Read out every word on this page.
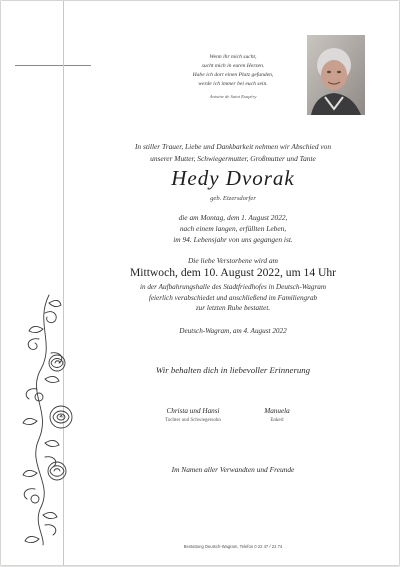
Wenn ihr mich sucht,
sucht mich in euren Herzen.
Habe ich dort einen Platz gefunden,
werde ich immer bei euch sein.
Antoine de Saint Exupéry
In stiller Trauer, Liebe und Dankbarkeit nehmen wir Abschied von
unserer Mutter, Schwiegermutter, Großmutter und Tante
Hedy Dvorak
geb. Etzersdorfer
die am Montag, dem 1. August 2022,
nach einem langen, erfüllten Leben,
im 94. Lebensjahr von uns gegangen ist.
Die liebe Verstorbene wird am
Mittwoch, dem 10. August 2022, um 14 Uhr
in der Aufbahrungshalle des Stadtfriedhofes in Deutsch-Wagram
feierlich verabschiedet und anschließend im Familiengrab
zur letzten Ruhe bestattet.
Deutsch-Wagram, am 4. August 2022
Wir behalten dich in liebevoller Erinnerung
Christa und Hansi
Tochter und Schwiegersohn
Manuela
Enkerl
Im Namen aller Verwandten und Freunde
Bestattung Deutsch-Wagram, Telefon 0 22 47 / 22 74
